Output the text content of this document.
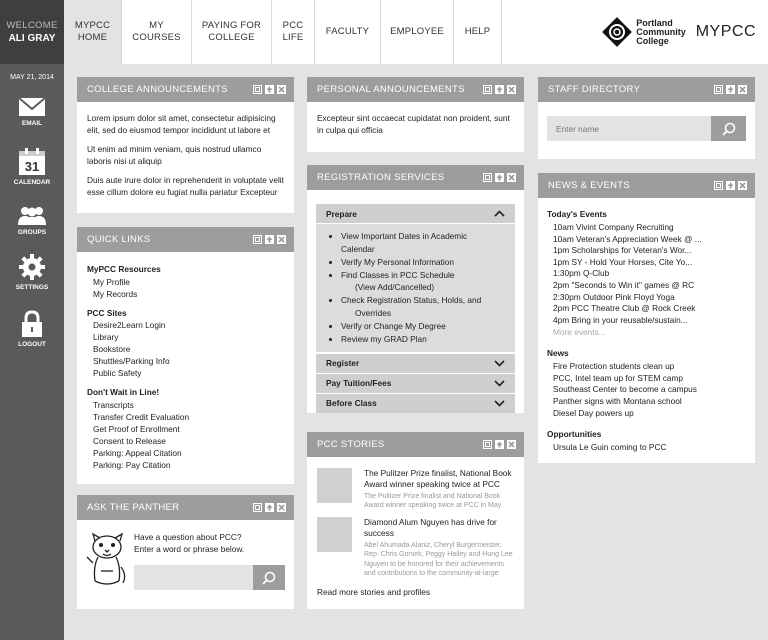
WELCOME
ALI GRAY
MAY 21, 2014
EMAIL
31
CALENDAR
GROUPS
SETTINGS
LOGOUT
MYPCC
HOME
MY
COURSES
PAYING FOR
COLLEGE
PCC
LIFE
FACULTY EMPLOYEE HELP
Portland
Community
College
MYPCC
COLLEGE ANNOUNCEMENTS

Lorem ipsum dolor sit amet, consectetur adipisicing elit, sed do eiusmod tempor incididunt ut labore et

Ut enim ad minim veniam, quis nostrud ullamco laboris nisi ut aliquip

Duis aute irure dolor in reprehenderit in voluptate velit esse cillum dolore eu fugiat nulla pariatur Excepteur

PERSONAL ANNOUNCEMENTS

Excepteur sint occaecat cupidatat non proident, sunt in culpa qui officia

STAFF DIRECTORY
Enter name
QUICK LINKS
MyPCC Resources
My Profile
My Records
PCC Sites
Desire2Learn Login
Library
Bookstore
Shuttles/Parking Info
Public Safety
Don't Wait in Line!
Transcripts
Transfer Credit Evaluation
Get Proof of Enrollment
Consent to Release
Parking: Appeal Citation
Parking: Pay Citation
REGISTRATION SERVICES
Prepare
• View Important Dates in Academic Calendar
• Verify My Personal Information
• Find Classes in PCC Schedule
(View Add/Cancelled)
• Check Registration Status, Holds, and
Overrides
• Verify or Change My Degree
• Review my GRAD Plan
Register
Pay Tuition/Fees
Before Class
NEWS & EVENTS
Today's Events
10am Vivint Company Recruiting
10am Veteran's Appreciation Week @ ...
1pm Scholarships for Veteran's Wor...
1pm SY - Hold Your Horses, Cite Yo...
1:30pm Q-Club
2pm "Seconds to Win it" games @ RC
2:30pm Outdoor Pink Floyd Yoga
2pm PCC Theatre Club @ Rock Creek
4pm Bring in your reusable/sustain...
More events...
News
Fire Protection students clean up
PCC, Intel team up for STEM camp
Southeast Center to become a campus
Panther signs with Montana school
Diesel Day powers up
Opportunities
Ursula Le Guin coming to PCC
PCC STORIES
The Pulitzer Prize finalist, National Book Award winner speaking twice at PCC
The Pulitzer Prize finalist and National Book Award winner speaking twice at PCC in May
Diamond Alum Nguyen has drive for success
Abel Ahumada Alaniz, Cheryl Burgermeister, Rep. Chris Gorsek, Peggy Hailey and Hung Lee Nguyen to be honored for their achievements and contributions to the community-at-large
Read more stories and profiles
ASK THE PANTHER
Have a question about PCC?
Enter a word or phrase below.
